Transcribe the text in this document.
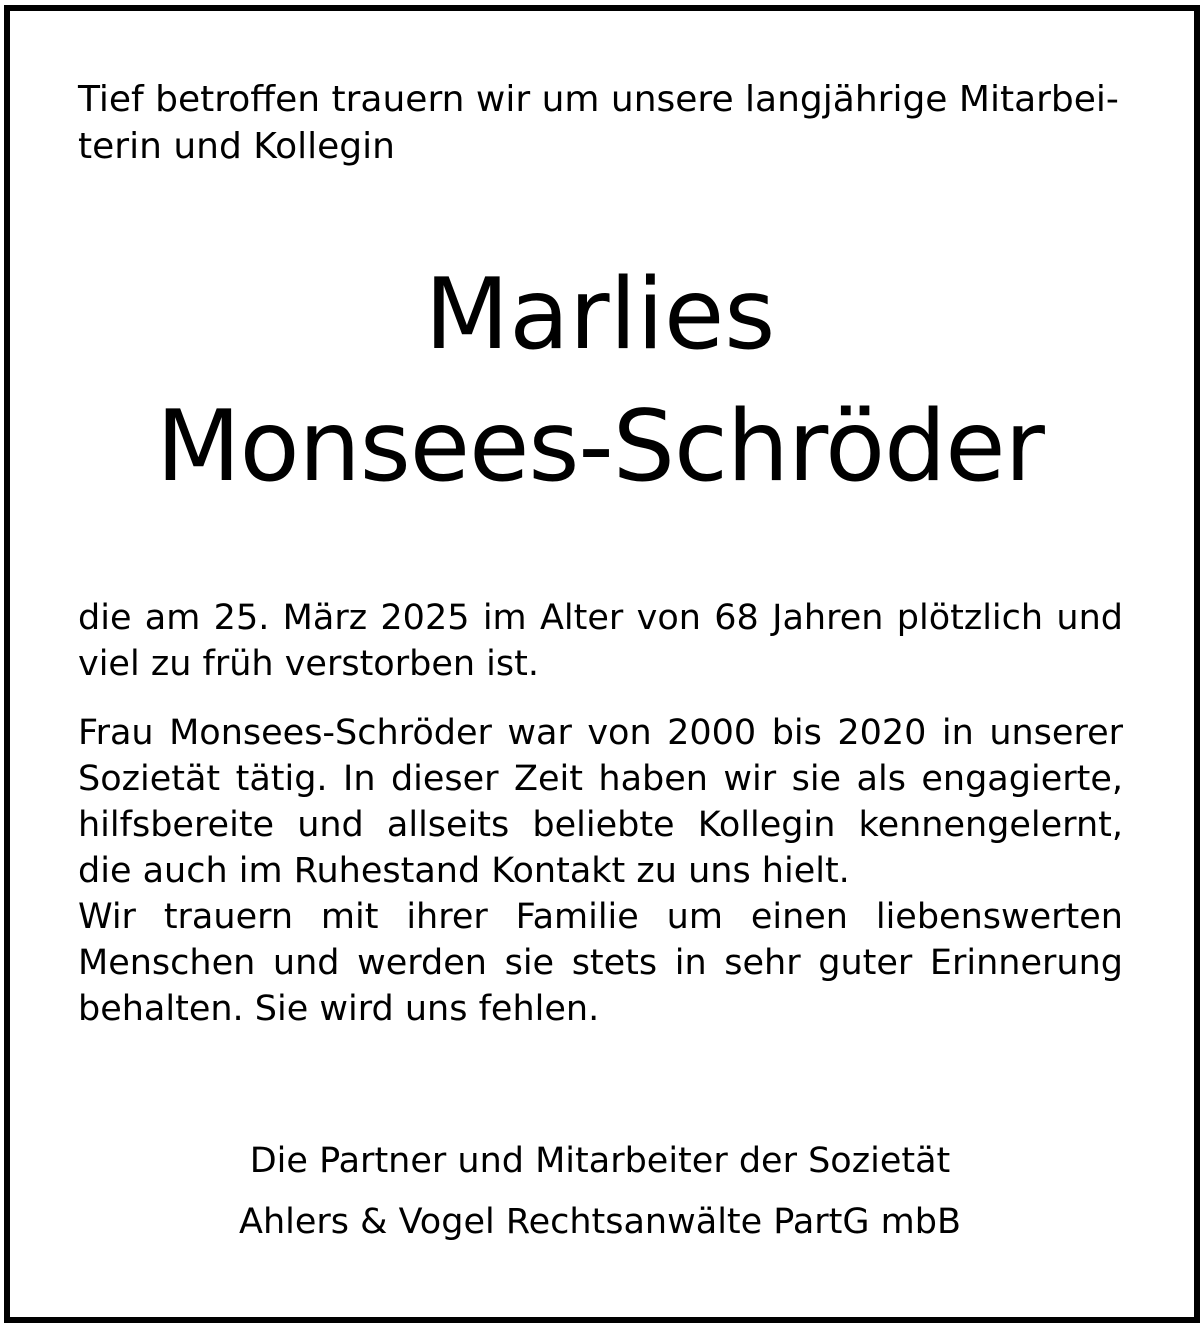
Tief betroffen trauern wir um unsere langjährige Mitarbei-
terin und Kollegin

Marlies
Monsees-Schröder

die am 25. März 2025 im Alter von 68 Jahren plötzlich und
viel zu früh verstorben ist.

Frau Monsees-Schröder war von 2000 bis 2020 in unserer
Sozietät tätig. In dieser Zeit haben wir sie als engagierte,
hilfsbereite und allseits beliebte Kollegin kennengelernt,
die auch im Ruhestand Kontakt zu uns hielt.
Wir trauern mit ihrer Familie um einen liebenswerten
Menschen und werden sie stets in sehr guter Erinnerung
behalten. Sie wird uns fehlen.

Die Partner und Mitarbeiter der Sozietät

Ahlers & Vogel Rechtsanwälte PartG mbB
